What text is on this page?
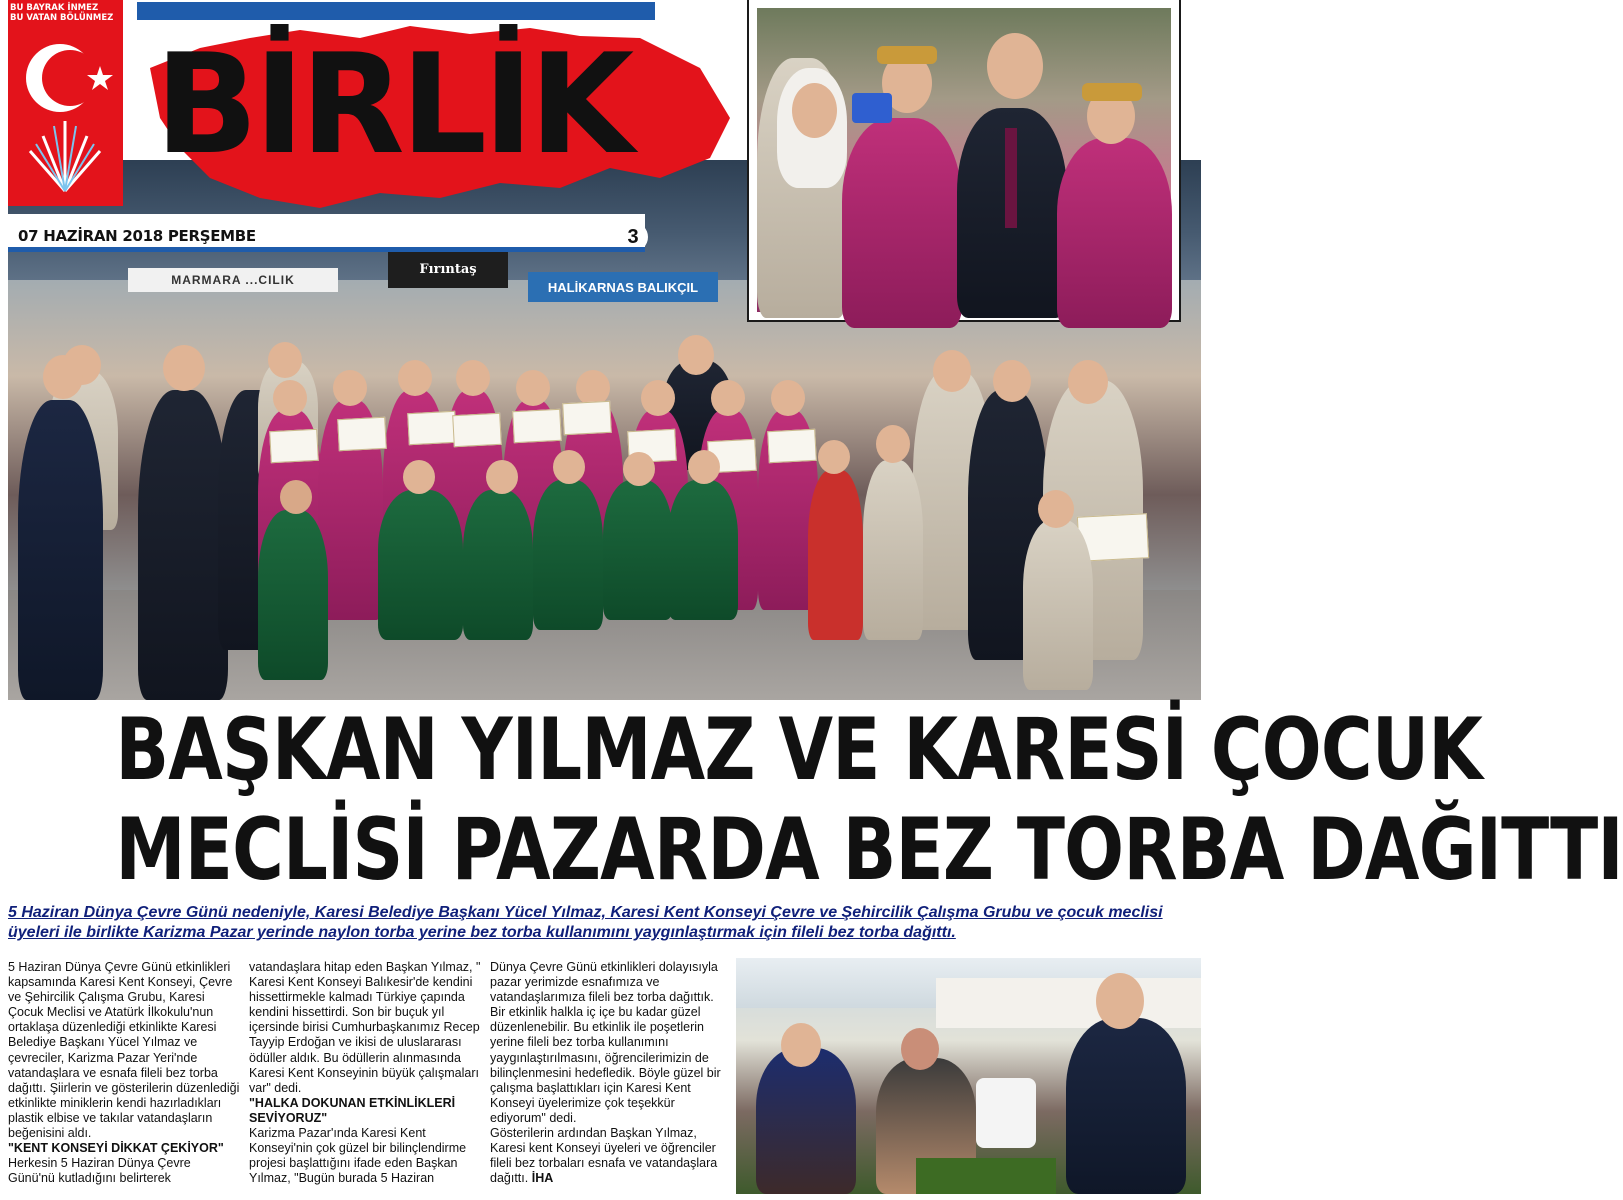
MARMARA ...CILIK
Fırıntaş
HALİKARNAS BALIKÇIL
BU BAYRAK İNMEZ
BU VATAN BÖLÜNMEZ
BİRLİK
07 HAZİRAN 2018 PERŞEMBE	3
BAŞKAN YILMAZ VE KARESİ ÇOCUK
MECLİSİ PAZARDA BEZ TORBA DAĞITTI
5 Haziran Dünya Çevre Günü nedeniyle, Karesi Belediye Başkanı Yücel Yılmaz, Karesi Kent Konseyi Çevre ve Şehircilik Çalışma Grubu ve çocuk meclisi üyeleri ile birlikte Karizma Pazar yerinde naylon torba yerine bez torba kullanımını yaygınlaştırmak için fileli bez torba dağıttı.
5 Haziran Dünya Çevre Günü etkinlikleri kapsamında Karesi Kent Konseyi, Çevre ve Şehircilik Çalışma Grubu, Karesi Çocuk Meclisi ve Atatürk İlkokulu'nun ortaklaşa düzenlediği etkinlikte Karesi Belediye Başkanı Yücel Yılmaz ve çevreciler, Karizma Pazar Yeri'nde vatandaşlara ve esnafa fileli bez torba dağıttı. Şiirlerin ve gösterilerin düzenlediği etkinlikte miniklerin kendi hazırladıkları plastik elbise ve takılar vatandaşların beğenisini aldı.
"KENT KONSEYİ DİKKAT ÇEKİYOR"
Herkesin 5 Haziran Dünya Çevre Günü'nü kutladığını belirterek
vatandaşlara hitap eden Başkan Yılmaz, " Karesi Kent Konseyi Balıkesir'de kendini hissettirmekle kalmadı Türkiye çapında kendini hissettirdi. Son bir buçuk yıl içersinde birisi Cumhurbaşkanımız Recep Tayyip Erdoğan ve ikisi de uluslararası ödüller aldık. Bu ödüllerin alınmasında Karesi Kent Konseyinin büyük çalışmaları var" dedi.
"HALKA DOKUNAN ETKİNLİKLERİ SEVİYORUZ"
Karizma Pazar'ında Karesi Kent Konseyi'nin çok güzel bir bilinçlendirme projesi başlattığını ifade eden Başkan Yılmaz, "Bugün burada 5 Haziran
Dünya Çevre Günü etkinlikleri dolayısıyla pazar yerimizde esnafımıza ve vatandaşlarımıza fileli bez torba dağıttık. Bir etkinlik halkla iç içe bu kadar güzel düzenlenebilir. Bu etkinlik ile poşetlerin yerine fileli bez torba kullanımını yaygınlaştırılmasını, öğrencilerimizin de bilinçlenmesini hedefledik. Böyle güzel bir çalışma başlattıkları için Karesi Kent Konseyi üyelerimize çok teşekkür ediyorum" dedi.
Gösterilerin ardından Başkan Yılmaz, Karesi kent Konseyi üyeleri ve öğrenciler fileli bez torbaları esnafa ve vatandaşlara dağıttı. İHA
